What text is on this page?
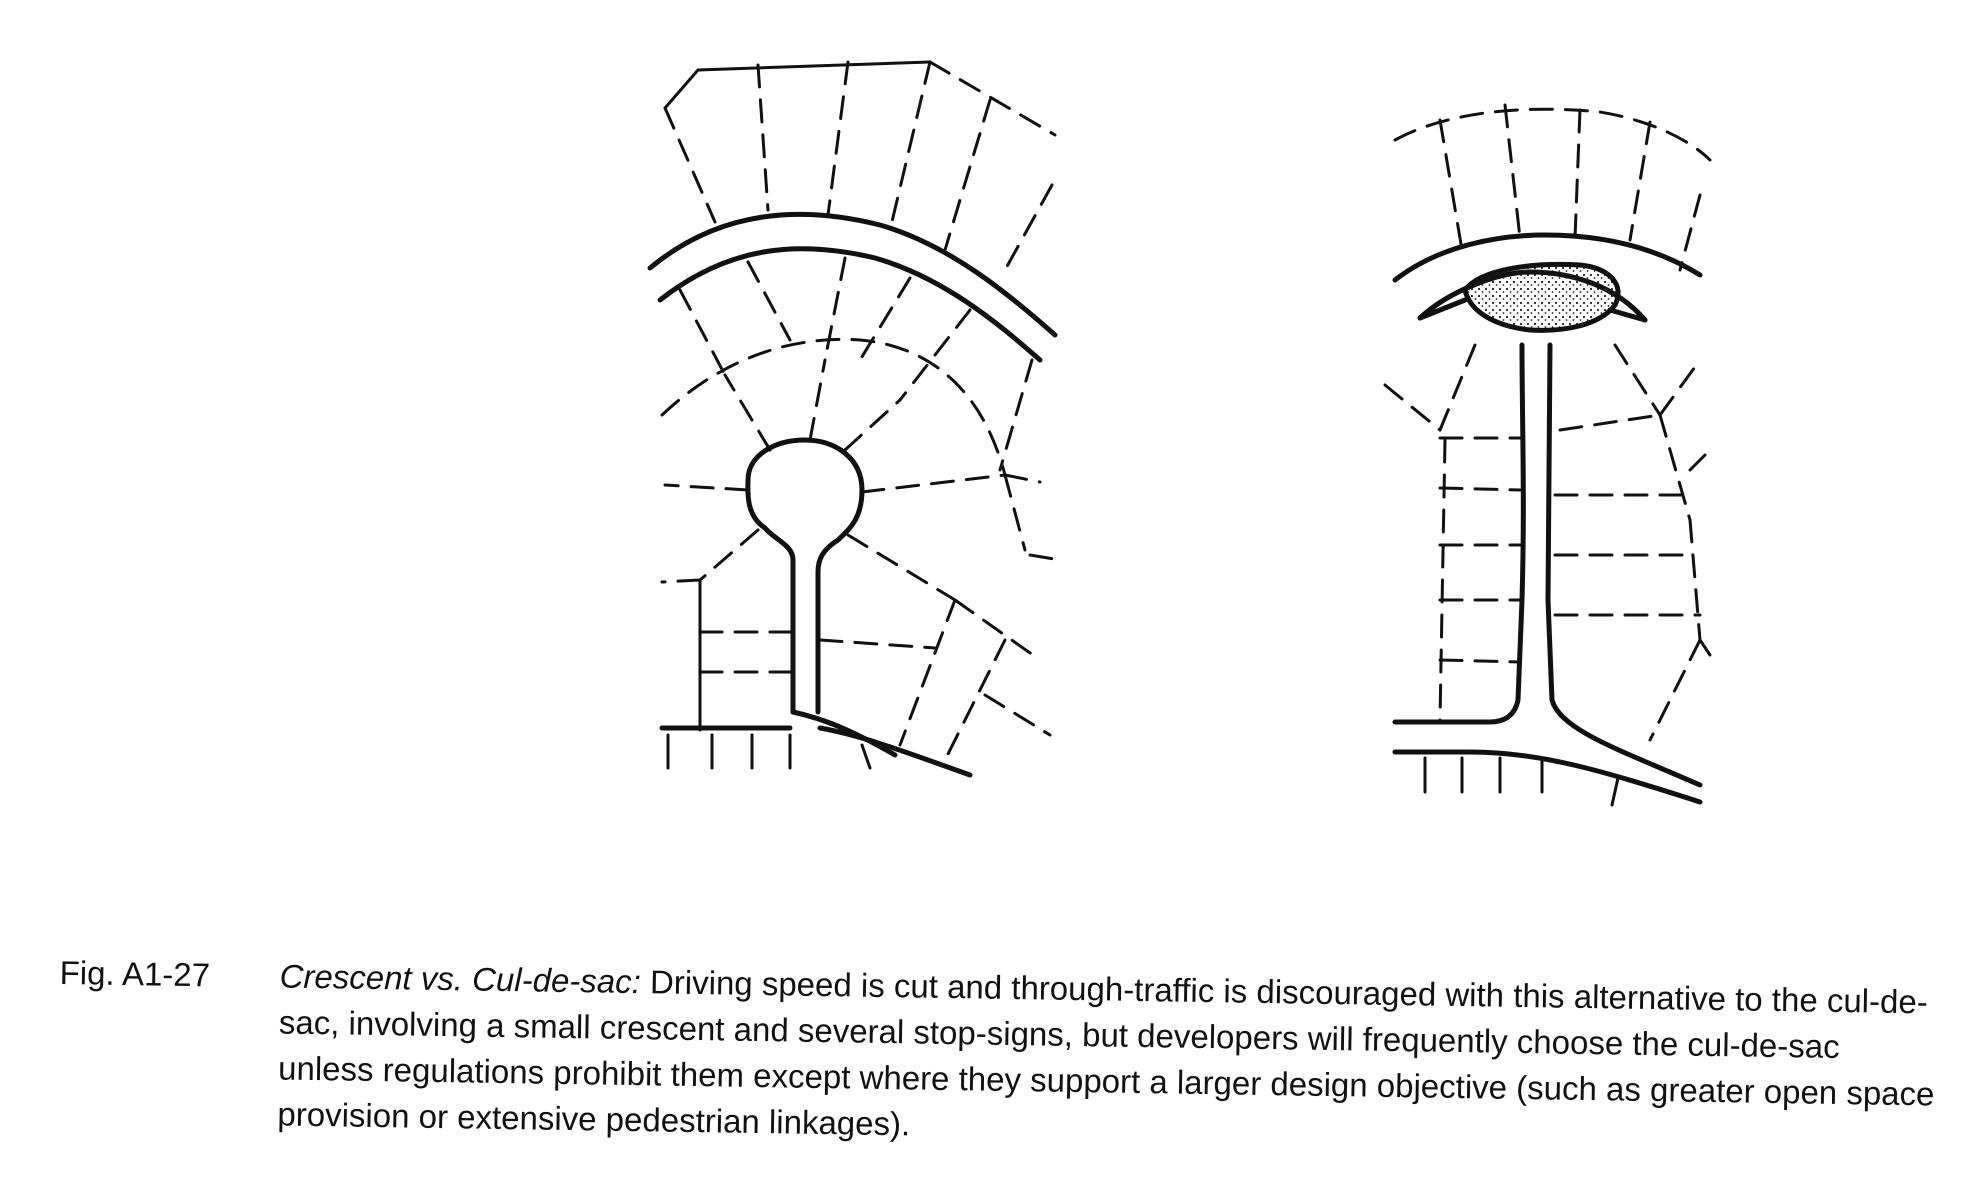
Fig. A1-27 Crescent vs. Cul-de-sac: Driving speed is cut and through-traffic is discouraged with this alternative to the cul-de-sac, involving a small crescent and several stop-signs, but developers will frequently choose the cul-de-sac unless regulations prohibit them except where they support a larger design objective (such as greater open space provision or extensive pedestrian linkages).
